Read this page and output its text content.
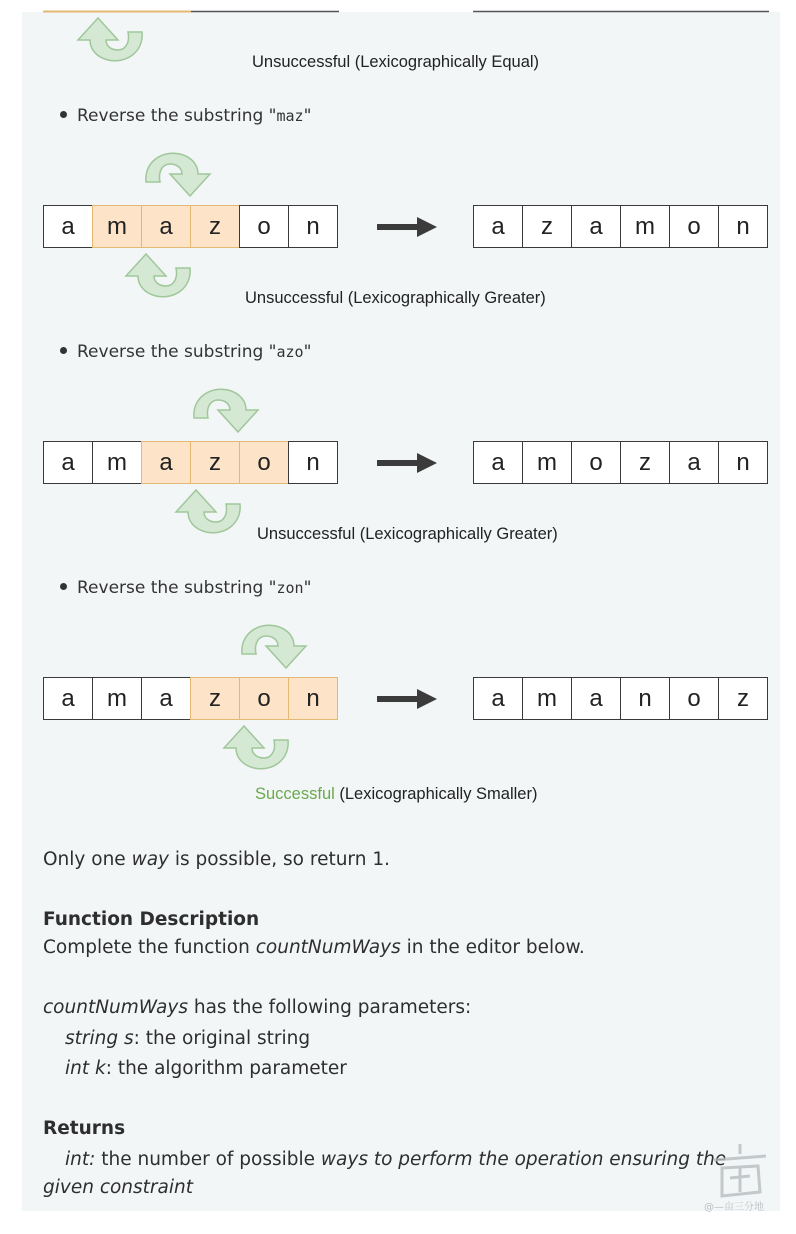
Unsuccessful (Lexicographically Equal)
Reverse the substring "maz"
a	m	a	z	o	n	a	z	a	m	o	n
Unsuccessful (Lexicographically Greater)
Reverse the substring "azo"
a	m	a	z	o	n	a	m	o	z	a	n
Unsuccessful (Lexicographically Greater)
Reverse the substring "zon"
a	m	a	z	o	n	a	m	a	n	o	z
Successful (Lexicographically Smaller)
Only one way is possible, so return 1.
Function Description
Complete the function countNumWays in the editor below.
countNumWays has the following parameters:
string s: the original string
int k: the algorithm parameter
Returns
int: the number of possible ways to perform the operation ensuring the
given constraint
@—亩三分地
